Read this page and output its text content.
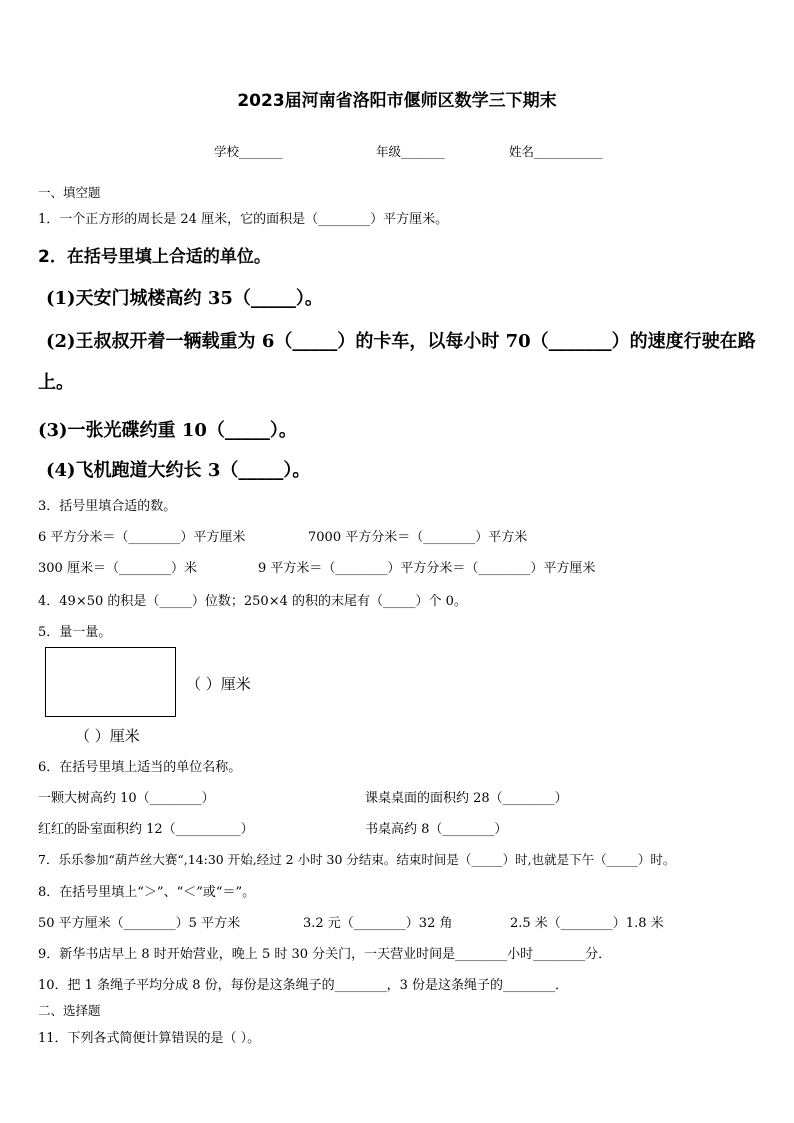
2023届河南省洛阳市偃师区数学三下期末
学校_______	年级_______	姓名___________
一、填空题
1．一个正方形的周长是 24 厘米，它的面积是（________）平方厘米。
2．在括号里填上合适的单位。
(1)天安门城楼高约 35（_____）。
(2)王叔叔开着一辆载重为 6（_____）的卡车，以每小时 70（_______）的速度行驶在路
上。
(3)一张光碟约重 10（_____）。
(4)飞机跑道大约长 3（_____）。
3．括号里填合适的数。
6 平方分米＝（________）平方厘米	7000 平方分米＝（________）平方米
300 厘米＝（________）米	9 平方米＝（________）平方分米＝（________）平方厘米
4．49×50 的积是（_____）位数；250×4 的积的末尾有（_____）个 0。
5．量一量。
（ ）厘米
（ ）厘米
6．在括号里填上适当的单位名称。
一颗大树高约 10（________）	课桌桌面的面积约 28（________）
红红的卧室面积约 12（__________）	书桌高约 8（________）
7．乐乐参加“葫芦丝大赛“,14:30 开始,经过 2 小时 30 分结束。结束时间是（_____）时,也就是下午（_____）时。
8．在括号里填上“＞”、“＜”或“＝”。
50 平方厘米（________）5 平方米	3.2 元（________）32 角	2.5 米（________）1.8 米
9．新华书店早上 8 时开始营业，晚上 5 时 30 分关门，一天营业时间是________小时________分．
10．把 1 条绳子平均分成 8 份，每份是这条绳子的________，3 份是这条绳子的________．
二、选择题
11．下列各式简便计算错误的是（ ）。
